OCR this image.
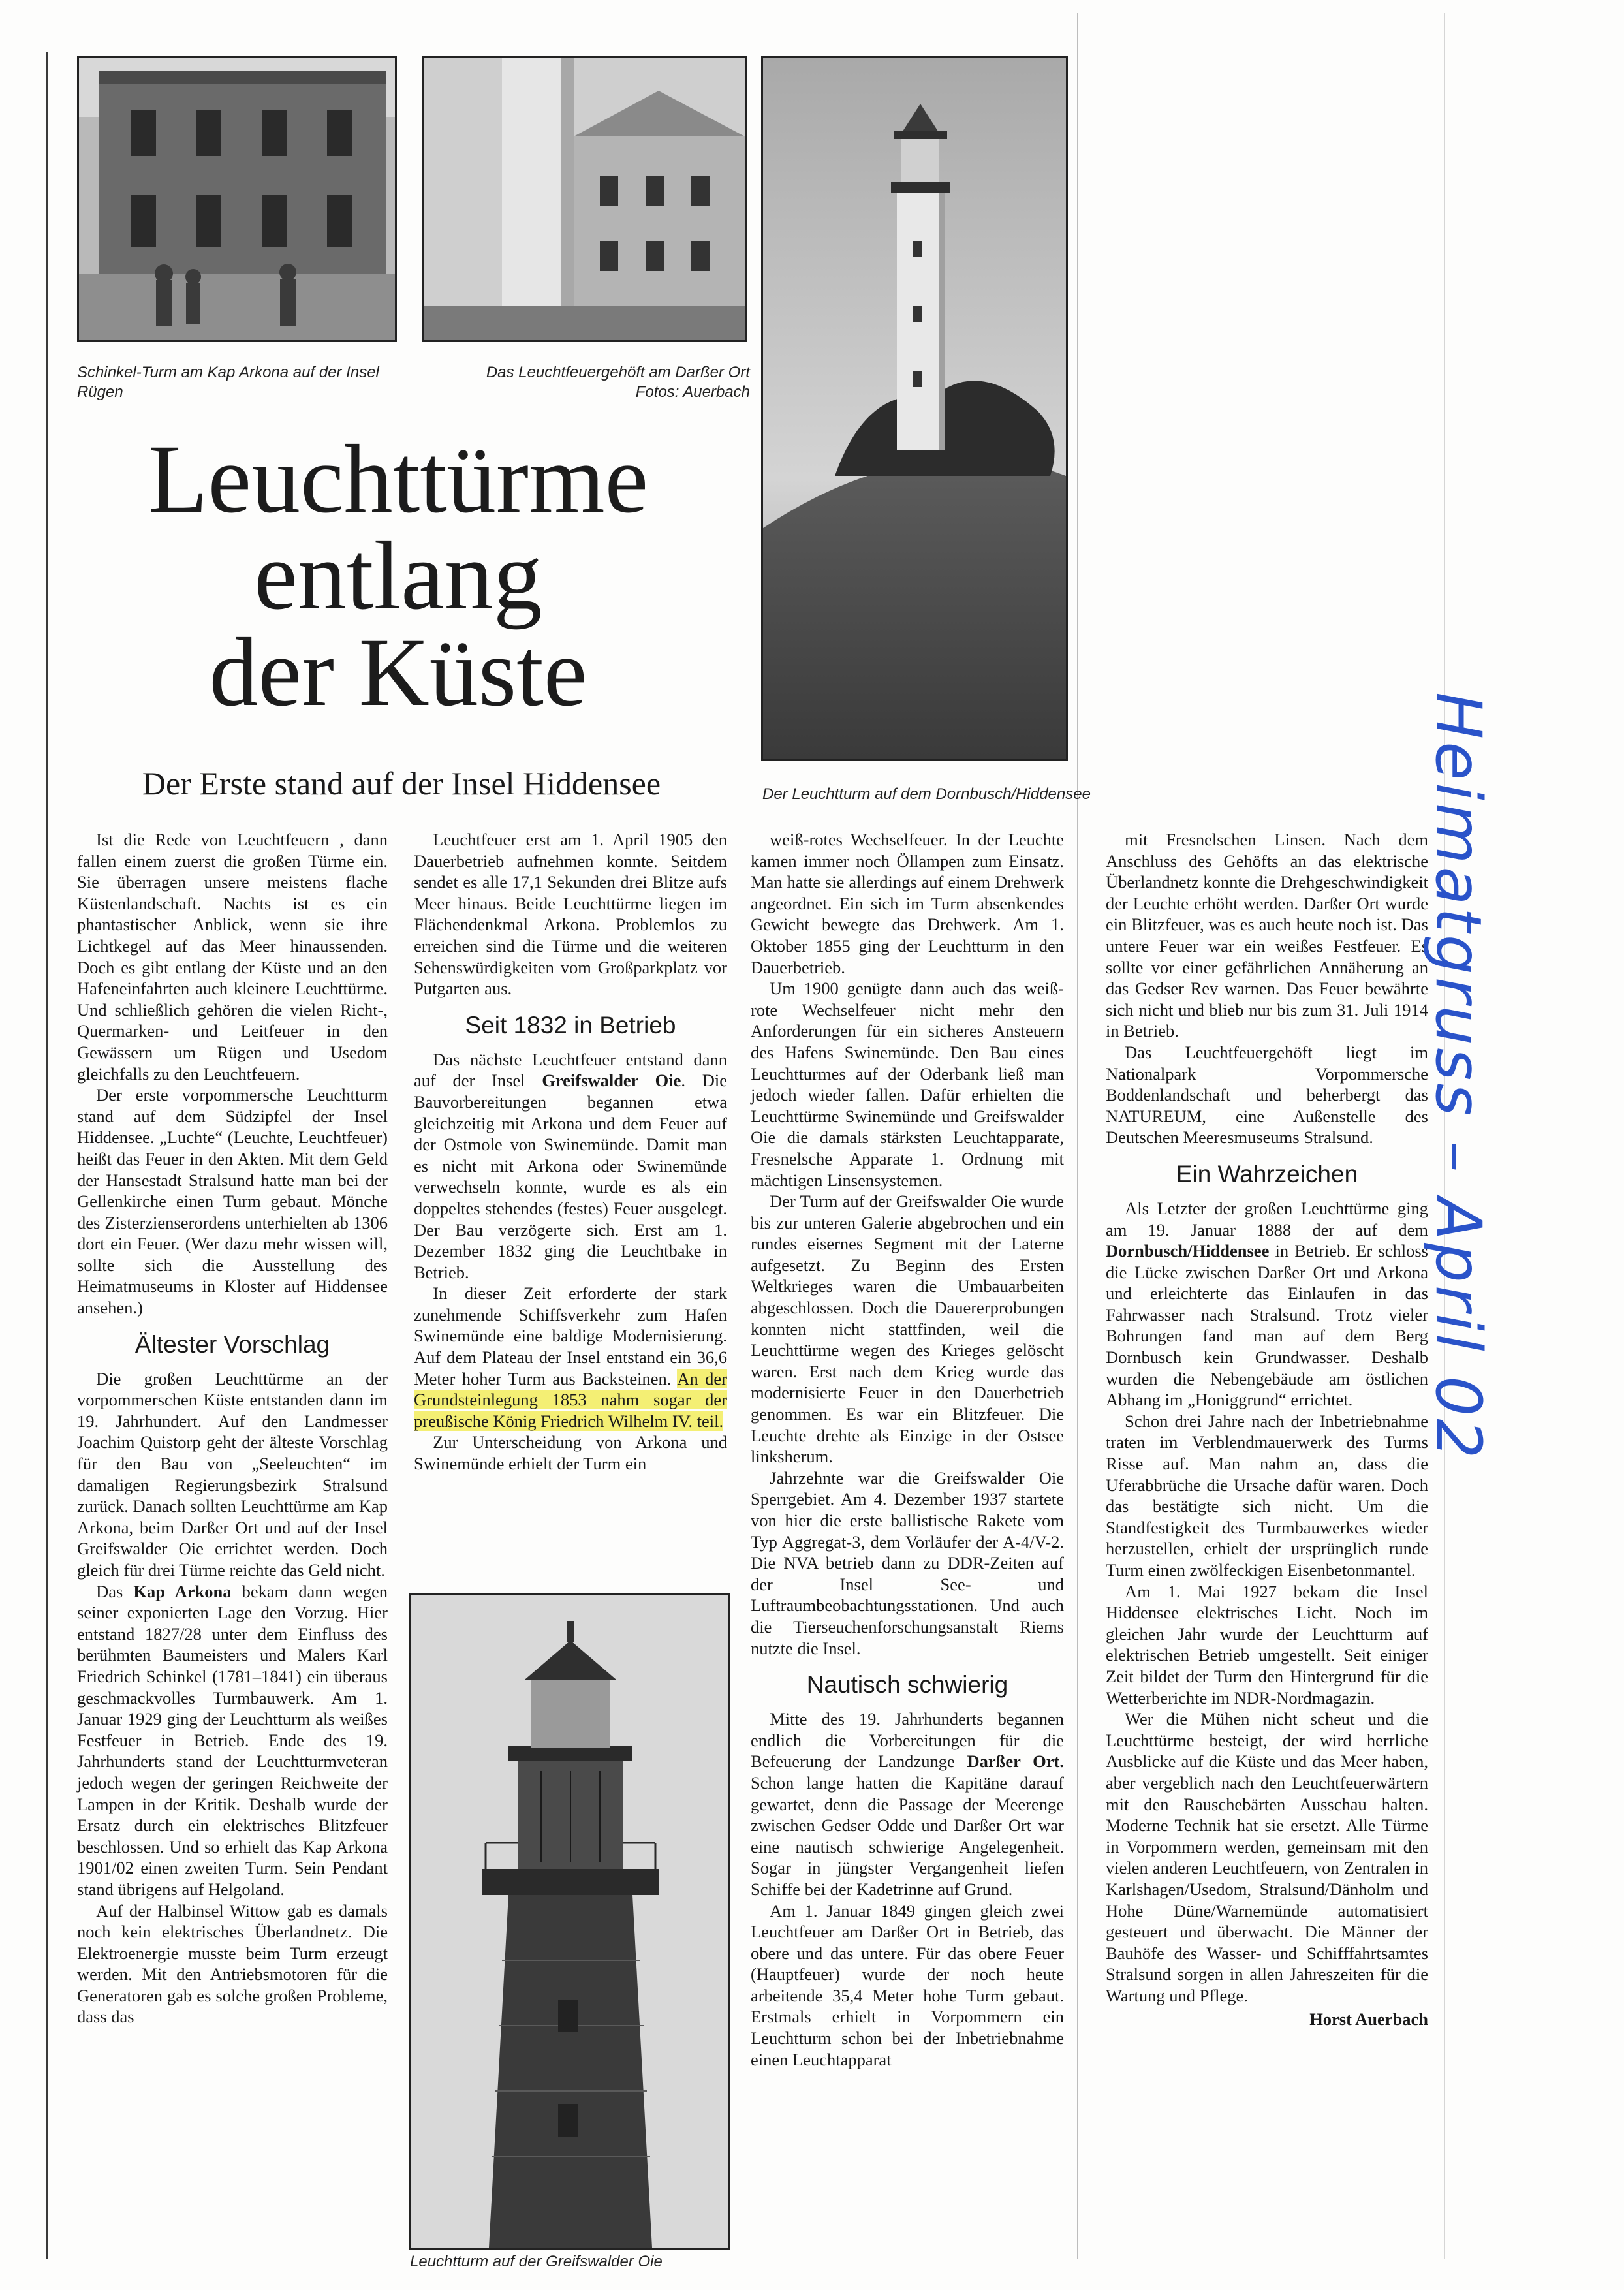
Schinkel-Turm am Kap Arkona auf der Insel Rügen
Das Leuchtfeuergehöft am Darßer Ort
Fotos: Auerbach
Der Leuchtturm auf dem Dornbusch/Hiddensee
Leuchttürme
entlang
der Küste
Der Erste stand auf der Insel Hiddensee

Ist die Rede von Leuchtfeuern , dann fallen einem zuerst die großen Türme ein. Sie überragen unsere meistens flache Küstenlandschaft. Nachts ist es ein phantastischer Anblick, wenn sie ihre Lichtkegel auf das Meer hinaussenden. Doch es gibt entlang der Küste und an den Hafeneinfahrten auch kleinere Leuchttürme. Und schließlich gehören die vielen Richt-, Quermarken- und Leitfeuer in den Gewässern um Rügen und Usedom gleichfalls zu den Leuchtfeuern.

Der erste vorpommersche Leuchtturm stand auf dem Südzipfel der Insel Hiddensee. „Luchte“ (Leuchte, Leuchtfeuer) heißt das Feuer in den Akten. Mit dem Geld der Hansestadt Stralsund hatte man bei der Gellenkirche einen Turm gebaut. Mönche des Zisterzienserordens unterhielten ab 1306 dort ein Feuer. (Wer dazu mehr wissen will, sollte sich die Ausstellung des Heimatmuseums in Kloster auf Hiddensee ansehen.)

Ältester Vorschlag

Die großen Leuchttürme an der vorpommerschen Küste entstanden dann im 19. Jahrhundert. Auf den Landmesser Joachim Quistorp geht der älteste Vorschlag für den Bau von „Seeleuchten“ im damaligen Regierungsbezirk Stralsund zurück. Danach sollten Leuchttürme am Kap Arkona, beim Darßer Ort und auf der Insel Greifswalder Oie errichtet werden. Doch gleich für drei Türme reichte das Geld nicht.

Das Kap Arkona bekam dann wegen seiner exponierten Lage den Vorzug. Hier entstand 1827/28 unter dem Einfluss des berühmten Baumeisters und Malers Karl Friedrich Schinkel (1781–1841) ein überaus geschmackvolles Turmbauwerk. Am 1. Januar 1929 ging der Leuchtturm als weißes Festfeuer in Betrieb. Ende des 19. Jahrhunderts stand der Leuchtturmveteran jedoch wegen der geringen Reichweite der Lampen in der Kritik. Deshalb wurde der Ersatz durch ein elektrisches Blitzfeuer beschlossen. Und so erhielt das Kap Arkona 1901/02 einen zweiten Turm. Sein Pendant stand übrigens auf Helgoland.

Auf der Halbinsel Wittow gab es damals noch kein elektrisches Überlandnetz. Die Elektroenergie musste beim Turm erzeugt werden. Mit den Antriebsmotoren für die Generatoren gab es solche großen Probleme, dass das

Leuchtfeuer erst am 1. April 1905 den Dauerbetrieb aufnehmen konnte. Seitdem sendet es alle 17,1 Sekunden drei Blitze aufs Meer hinaus. Beide Leuchttürme liegen im Flächendenkmal Arkona. Problemlos zu erreichen sind die Türme und die weiteren Sehenswürdigkeiten vom Großparkplatz vor Putgarten aus.

Seit 1832 in Betrieb

Das nächste Leuchtfeuer entstand dann auf der Insel Greifswalder Oie. Die Bauvorbereitungen begannen etwa gleichzeitig mit Arkona und dem Feuer auf der Ostmole von Swinemünde. Damit man es nicht mit Arkona oder Swinemünde verwechseln konnte, wurde es als ein doppeltes stehendes (festes) Feuer ausgelegt. Der Bau verzögerte sich. Erst am 1. Dezember 1832 ging die Leuchtbake in Betrieb.

In dieser Zeit erforderte der stark zunehmende Schiffsverkehr zum Hafen Swinemünde eine baldige Modernisierung. Auf dem Plateau der Insel entstand ein 36,6 Meter hoher Turm aus Backsteinen. An der Grundsteinlegung 1853 nahm sogar der preußische König Friedrich Wilhelm IV. teil.

Zur Unterscheidung von Arkona und Swinemünde erhielt der Turm ein

Leuchtturm auf der Greifswalder Oie

weiß-rotes Wechselfeuer. In der Leuchte kamen immer noch Öllampen zum Einsatz. Man hatte sie allerdings auf einem Drehwerk angeordnet. Ein sich im Turm absenkendes Gewicht bewegte das Drehwerk. Am 1. Oktober 1855 ging der Leuchtturm in den Dauerbetrieb.

Um 1900 genügte dann auch das weiß-rote Wechselfeuer nicht mehr den Anforderungen für ein sicheres Ansteuern des Hafens Swinemünde. Den Bau eines Leuchtturmes auf der Oderbank ließ man jedoch wieder fallen. Dafür erhielten die Leuchttürme Swinemünde und Greifswalder Oie die damals stärksten Leuchtapparate, Fresnelsche Apparate 1. Ordnung mit mächtigen Linsensystemen.

Der Turm auf der Greifswalder Oie wurde bis zur unteren Galerie abgebrochen und ein rundes eisernes Segment mit der Laterne aufgesetzt. Zu Beginn des Ersten Weltkrieges waren die Umbauarbeiten abgeschlossen. Doch die Dauererprobungen konnten nicht stattfinden, weil die Leuchttürme wegen des Krieges gelöscht waren. Erst nach dem Krieg wurde das modernisierte Feuer in den Dauerbetrieb genommen. Es war ein Blitzfeuer. Die Leuchte drehte als Einzige in der Ostsee linksherum.

Jahrzehnte war die Greifswalder Oie Sperrgebiet. Am 4. Dezember 1937 startete von hier die erste ballistische Rakete vom Typ Aggregat-3, dem Vorläufer der A-4/V-2. Die NVA betrieb dann zu DDR-Zeiten auf der Insel See- und Luftraumbeobachtungsstationen. Und auch die Tierseuchenforschungsanstalt Riems nutzte die Insel.

Nautisch schwierig

Mitte des 19. Jahrhunderts begannen endlich die Vorbereitungen für die Befeuerung der Landzunge Darßer Ort. Schon lange hatten die Kapitäne darauf gewartet, denn die Passage der Meerenge zwischen Gedser Odde und Darßer Ort war eine nautisch schwierige Angelegenheit. Sogar in jüngster Vergangenheit liefen Schiffe bei der Kadetrinne auf Grund.

Am 1. Januar 1849 gingen gleich zwei Leuchtfeuer am Darßer Ort in Betrieb, das obere und das untere. Für das obere Feuer (Hauptfeuer) wurde der noch heute arbeitende 35,4 Meter hohe Turm gebaut. Erstmals erhielt in Vorpommern ein Leuchtturm schon bei der Inbetriebnahme einen Leuchtapparat

mit Fresnelschen Linsen. Nach dem Anschluss des Gehöfts an das elektrische Überlandnetz konnte die Drehgeschwindigkeit der Leuchte erhöht werden. Darßer Ort wurde ein Blitzfeuer, was es auch heute noch ist. Das untere Feuer war ein weißes Festfeuer. Es sollte vor einer gefährlichen Annäherung an das Gedser Rev warnen. Das Feuer bewährte sich nicht und blieb nur bis zum 31. Juli 1914 in Betrieb.

Das Leuchtfeuergehöft liegt im Nationalpark Vorpommersche Boddenlandschaft und beherbergt das NATUREUM, eine Außenstelle des Deutschen Meeresmuseums Stralsund.

Ein Wahrzeichen

Als Letzter der großen Leuchttürme ging am 19. Januar 1888 der auf dem Dornbusch/Hiddensee in Betrieb. Er schloss die Lücke zwischen Darßer Ort und Arkona und erleichterte das Einlaufen in das Fahrwasser nach Stralsund. Trotz vieler Bohrungen fand man auf dem Berg Dornbusch kein Grundwasser. Deshalb wurden die Nebengebäude am östlichen Abhang im „Honiggrund“ errichtet.

Schon drei Jahre nach der Inbetriebnahme traten im Verblendmauerwerk des Turms Risse auf. Man nahm an, dass die Uferabbrüche die Ursache dafür waren. Doch das bestätigte sich nicht. Um die Standfestigkeit des Turmbauwerkes wieder herzustellen, erhielt der ursprünglich runde Turm einen zwölfeckigen Eisenbetonmantel.

Am 1. Mai 1927 bekam die Insel Hiddensee elektrisches Licht. Noch im gleichen Jahr wurde der Leuchtturm auf elektrischen Betrieb umgestellt. Seit einiger Zeit bildet der Turm den Hintergrund für die Wetterberichte im NDR-Nordmagazin.

Wer die Mühen nicht scheut und die Leuchttürme besteigt, der wird herrliche Ausblicke auf die Küste und das Meer haben, aber vergeblich nach den Leuchtfeuerwärtern mit den Rauschebärten Ausschau halten. Moderne Technik hat sie ersetzt. Alle Türme in Vorpommern werden, gemeinsam mit den vielen anderen Leuchtfeuern, von Zentralen in Karlshagen/Usedom, Stralsund/Dänholm und Hohe Düne/Warnemünde automatisiert gesteuert und überwacht. Die Männer der Bauhöfe des Wasser- und Schifffahrtsamtes Stralsund sorgen in allen Jahreszeiten für die Wartung und Pflege.

Horst Auerbach
Heimatgruss – April 02
